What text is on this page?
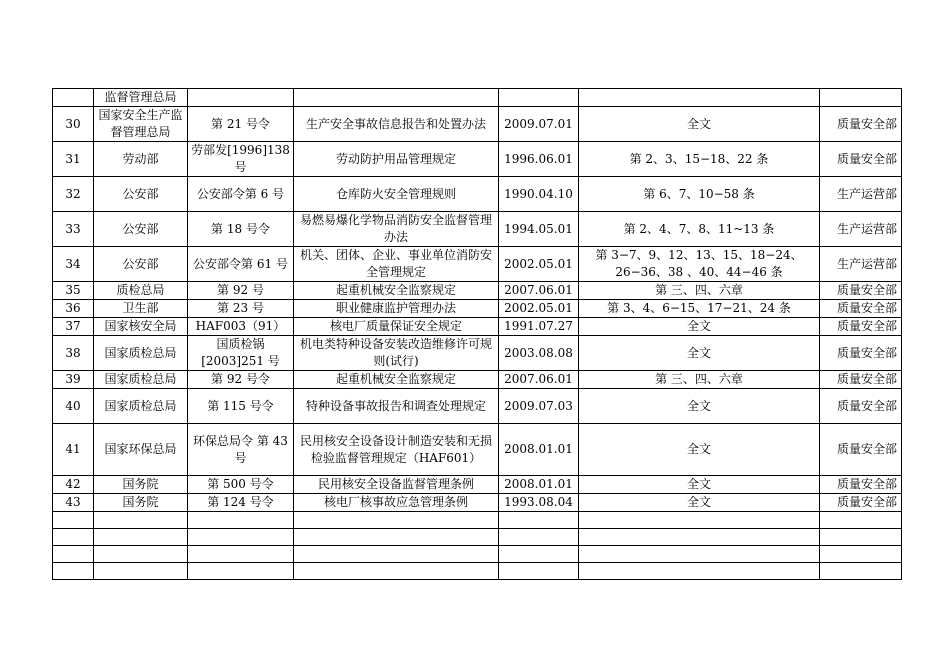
	监督管理总局					
30	国家安全生产监督管理总局	第 21 号令	生产安全事故信息报告和处置办法	2009.07.01	全文	质量安全部
31	劳动部	劳部发[1996]138 号	劳动防护用品管理规定	1996.06.01	第 2、3、15−18、22 条	质量安全部
32	公安部	公安部令第 6 号	仓库防火安全管理规则	1990.04.10	第 6、7、10−58 条	生产运营部
33	公安部	第 18 号令	易燃易爆化学物品消防安全监督管理办法	1994.05.01	第 2、4、7、8、11~13 条	生产运营部
34	公安部	公安部令第 61 号	机关、团体、企业、事业单位消防安全管理规定	2002.05.01	第 3−7、9、12、13、15、18−24、26−36、38 、40、44−46 条	生产运营部
35	质检总局	第 92 号	起重机械安全监察规定	2007.06.01	第 三、四、六章	质量安全部
36	卫生部	第 23 号	职业健康监护管理办法	2002.05.01	第 3、4、6−15、17−21、24 条	质量安全部
37	国家核安全局	HAF003（91）	核电厂质量保证安全规定	1991.07.27	全文	质量安全部
38	国家质检总局	国质检锅[2003]251 号	机电类特种设备安装改造维修许可规则(试行)	2003.08.08	全文	质量安全部
39	国家质检总局	第 92 号令	起重机械安全监察规定	2007.06.01	第 三、四、六章	质量安全部
40	国家质检总局	第 115 号令	特种设备事故报告和调查处理规定	2009.07.03	全文	质量安全部
41	国家环保总局	环保总局令 第 43 号	民用核安全设备设计制造安装和无损检验监督管理规定（HAF601）	2008.01.01	全文	质量安全部
42	国务院	第 500 号令	民用核安全设备监督管理条例	2008.01.01	全文	质量安全部
43	国务院	第 124 号令	核电厂核事故应急管理条例	1993.08.04	全文	质量安全部
